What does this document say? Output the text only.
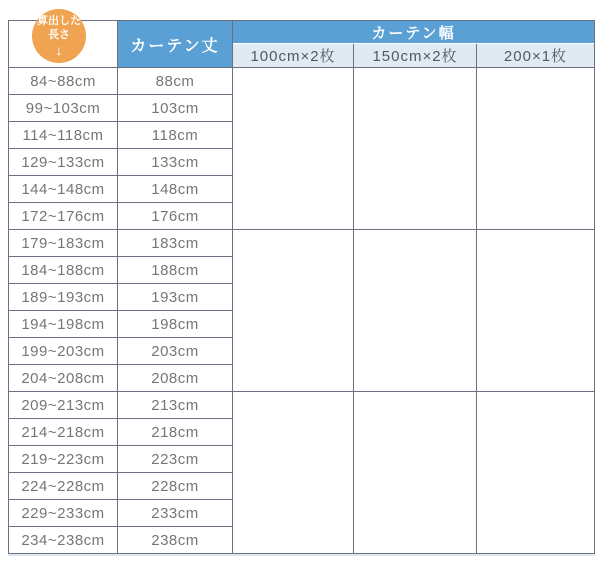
算出した
長さ
↓	カーテン丈
カーテン幅
100cm×2枚	150cm×2枚	200×1枚
84~88cm	88cm
99~103cm	103cm
114~118cm	118cm
129~133cm	133cm
144~148cm	148cm
172~176cm	176cm
179~183cm	183cm
184~188cm	188cm
189~193cm	193cm
194~198cm	198cm
199~203cm	203cm
204~208cm	208cm
209~213cm	213cm
214~218cm	218cm
219~223cm	223cm
224~228cm	228cm
229~233cm	233cm
234~238cm	238cm
